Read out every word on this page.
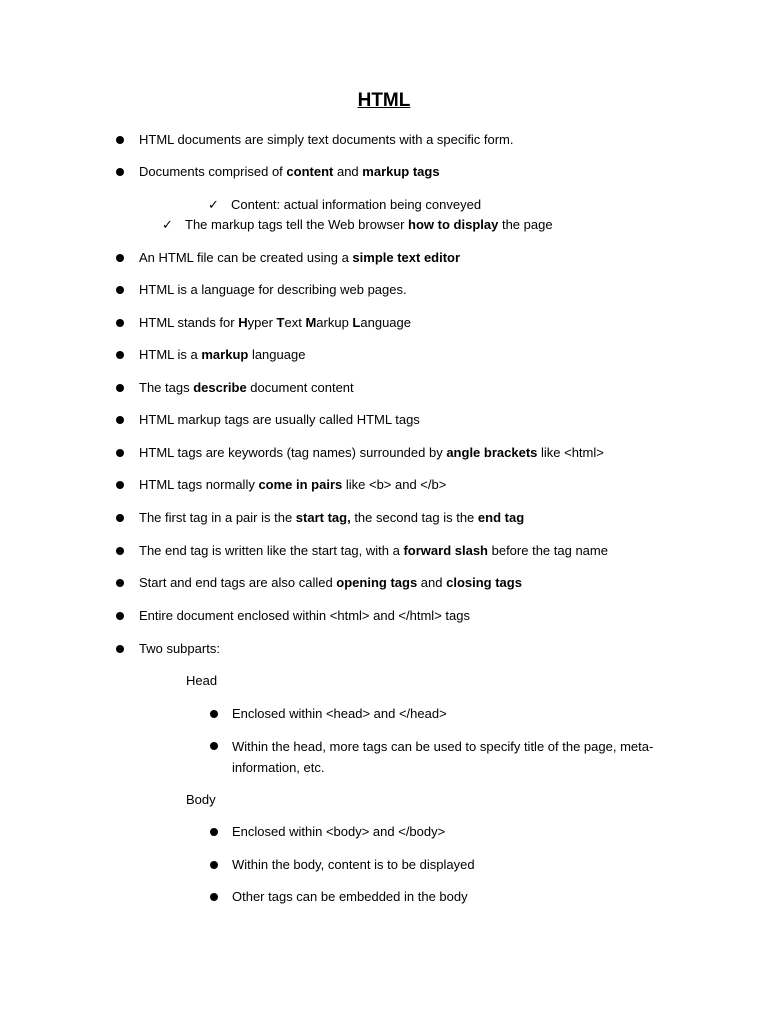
HTML
HTML documents are simply text documents with a specific form.
Documents comprised of content and markup tags
✓ Content: actual information being conveyed
✓ The markup tags tell the Web browser how to display the page
An HTML file can be created using a simple text editor
HTML is a language for describing web pages.
HTML stands for Hyper Text Markup Language
HTML is a markup language
The tags describe document content
HTML markup tags are usually called HTML tags
HTML tags are keywords (tag names) surrounded by angle brackets like <html>
HTML tags normally come in pairs like <b> and </b>
The first tag in a pair is the start tag, the second tag is the end tag
The end tag is written like the start tag, with a forward slash before the tag name
Start and end tags are also called opening tags and closing tags
Entire document enclosed within <html> and </html> tags
Two subparts:
Head
Enclosed within <head> and </head>
Within the head, more tags can be used to specify title of the page, meta-information, etc.
Body
Enclosed within <body> and </body>
Within the body, content is to be displayed
Other tags can be embedded in the body
